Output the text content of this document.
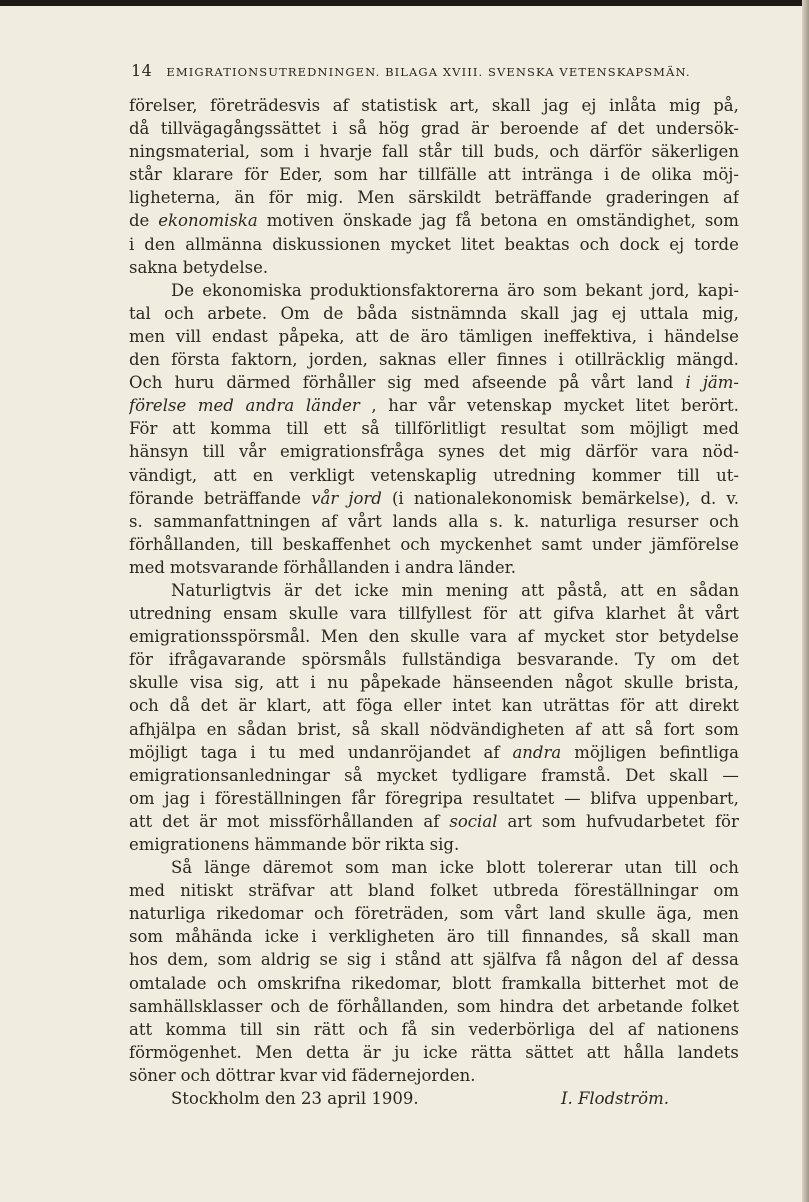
14 EMIGRATIONSUTREDNINGEN. BILAGA XVIII. SVENSKA VETENSKAPSMÄN.
förelser, företrädesvis af statistisk art, skall jag ej inlåta mig på,
då tillvägagångssättet i så hög grad är beroende af det undersök-
ningsmaterial, som i hvarje fall står till buds, och därför säkerligen
står klarare för Eder, som har tillfälle att inträngа i de olika möj-
ligheterna, än för mig. Men särskildt beträffande graderingen af
de ekonomiska motiven önskade jag få betona en omständighet, som
i den allmänna diskussionen mycket litet beaktas och dock ej torde
sakna betydelse.
De ekonomiska produktionsfaktorerna äro som bekant jord, kapi-
tal och arbete. Om de båda sistnämnda skall jag ej uttala mig,
men vill endast påpeka, att de äro tämligen ineffektiva, i händelse
den första faktorn, jorden, saknas eller finnes i otillräcklig mängd.
Och huru därmed förhåller sig med afseende på vårt land i jäm-
förelse med andra länder , har vår vetenskap mycket litet berört.
För att komma till ett så tillförlitligt resultat som möjligt med
hänsyn till vår emigrationsfråga synes det mig därför vara nöd-
vändigt, att en verkligt vetenskaplig utredning kommer till ut-
förande beträffande vår jord (i nationalekonomisk bemärkelse), d. v.
s. sammanfattningen af vårt lands alla s. k. naturliga resurser och
förhållanden, till beskaffenhet och myckenhet samt under jämförelse
med motsvarande förhållanden i andra länder.
Naturligtvis är det icke min mening att påstå, att en sådan
utredning ensam skulle vara tillfyllest för att gifva klarhet åt vårt
emigrationsspörsmål. Men den skulle vara af mycket stor betydelse
för ifrågavarande spörsmåls fullständiga besvarande. Ty om det
skulle visa sig, att i nu påpekade hänseenden något skulle brista,
och då det är klart, att föga eller intet kan uträttas för att direkt
afhjälpa en sådan brist, så skall nödvändigheten af att så fort som
möjligt taga i tu med undanröjandet af andra möjligen befintliga
emigrationsanledningar så mycket tydligare framstå. Det skall —
om jag i föreställningen får föregripa resultatet — blifva uppenbart,
att det är mot missförhållanden af social art som hufvudarbetet för
emigrationens hämmande bör rikta sig.
Så länge däremot som man icke blott tolererar utan till och
med nitiskt sträfvar att bland folket utbreda föreställningar om
naturliga rikedomar och företräden, som vårt land skulle äga, men
som måhända icke i verkligheten äro till finnandes, så skall man
hos dem, som aldrig se sig i stånd att själfva få någon del af dessa
omtalade och omskrifna rikedomar, blott framkalla bitterhet mot de
samhällsklasser och de förhållanden, som hindra det arbetande folket
att komma till sin rätt och få sin vederbörliga del af nationens
förmögenhet. Men detta är ju icke rätta sättet att hålla landets
söner och döttrar kvar vid fädernejorden.
Stockholm den 23 april 1909.	I. Flodström.
